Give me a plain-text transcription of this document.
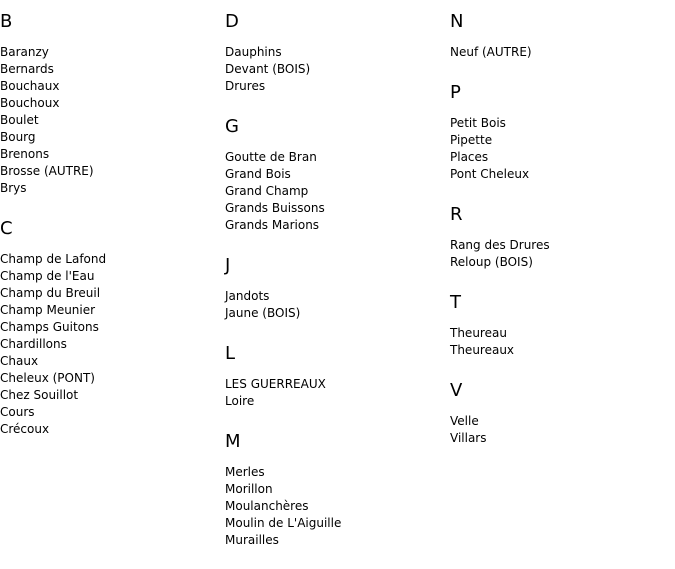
B
Baranzy
Bernards
Bouchaux
Bouchoux
Boulet
Bourg
Brenons
Brosse (AUTRE)
Brys
C
Champ de Lafond
Champ de l'Eau
Champ du Breuil
Champ Meunier
Champs Guitons
Chardillons
Chaux
Cheleux (PONT)
Chez Souillot
Cours
Crécoux
D
Dauphins
Devant (BOIS)
Drures
G
Goutte de Bran
Grand Bois
Grand Champ
Grands Buissons
Grands Marions
J
Jandots
Jaune (BOIS)
L
LES GUERREAUX
Loire
M
Merles
Morillon
Moulanchères
Moulin de L'Aiguille
Murailles
N
Neuf (AUTRE)
P
Petit Bois
Pipette
Places
Pont Cheleux
R
Rang des Drures
Reloup (BOIS)
T
Theureau
Theureaux
V
Velle
Villars
